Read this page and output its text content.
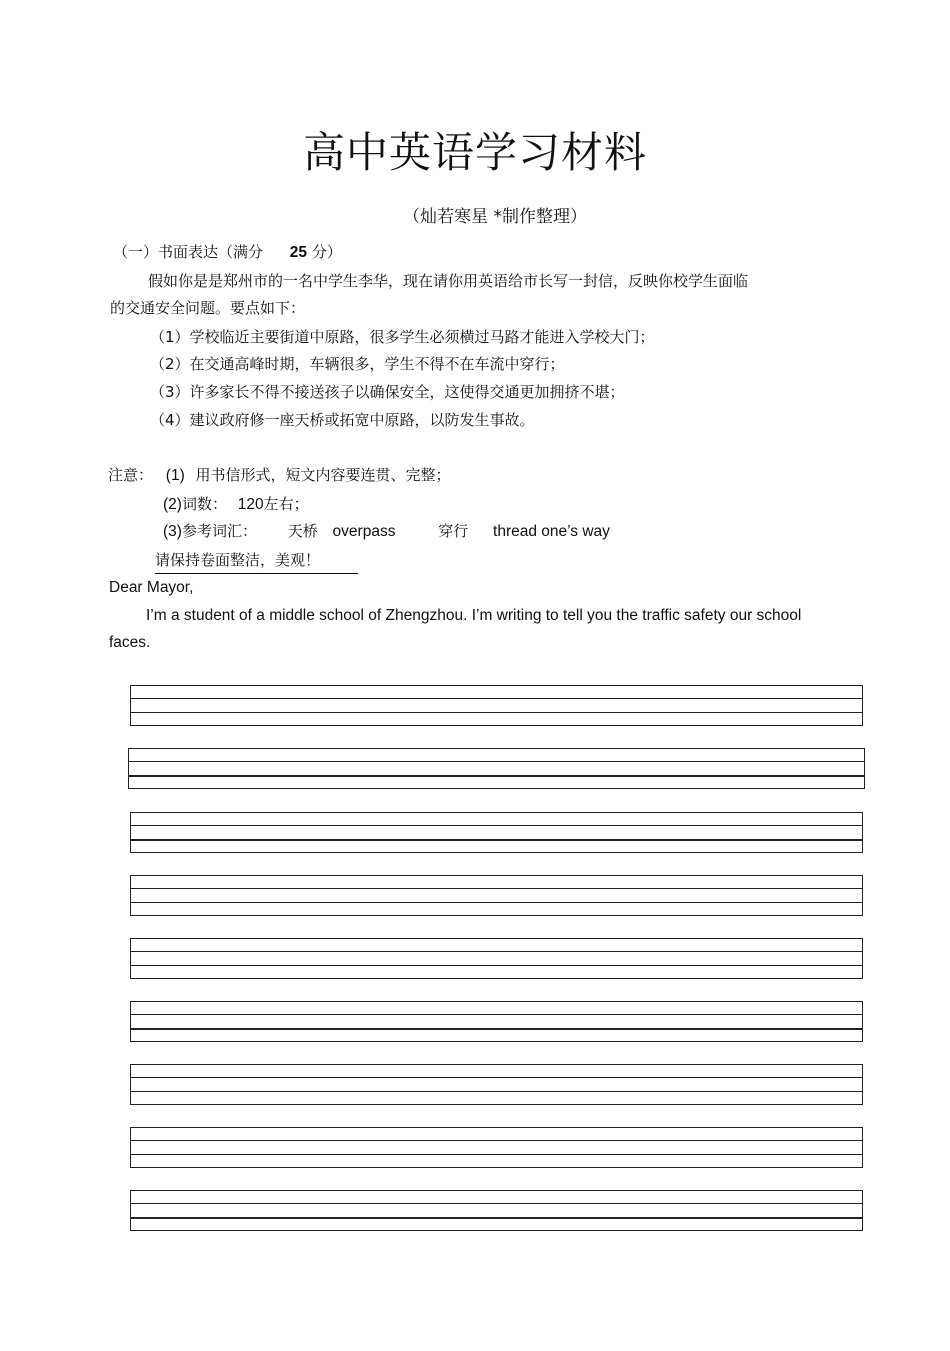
高中英语学习材料
（灿若寒星 *制作整理）
（一）书面表达（满分 25 分）
假如你是是郑州市的一名中学生李华，现在请你用英语给市长写一封信，反映你校学生面临
的交通安全问题。要点如下：
（1）学校临近主要街道中原路，很多学生必须横过马路才能进入学校大门；
（2）在交通高峰时期，车辆很多，学生不得不在车流中穿行；
（3）许多家长不得不接送孩子以确保安全，这使得交通更加拥挤不堪；
（4）建议政府修一座天桥或拓宽中原路，以防发生事故。
注意： (1) 用书信形式，短文内容要连贯、完整；
(2)词数： 120左右；
(3)参考词汇： 天桥 overpass	穿行 thread one’s way
请保持卷面整洁，美观！
Dear Mayor,
I’m a student of a middle school of Zhengzhou. I’m writing to tell you the traffic safety our school
faces.
